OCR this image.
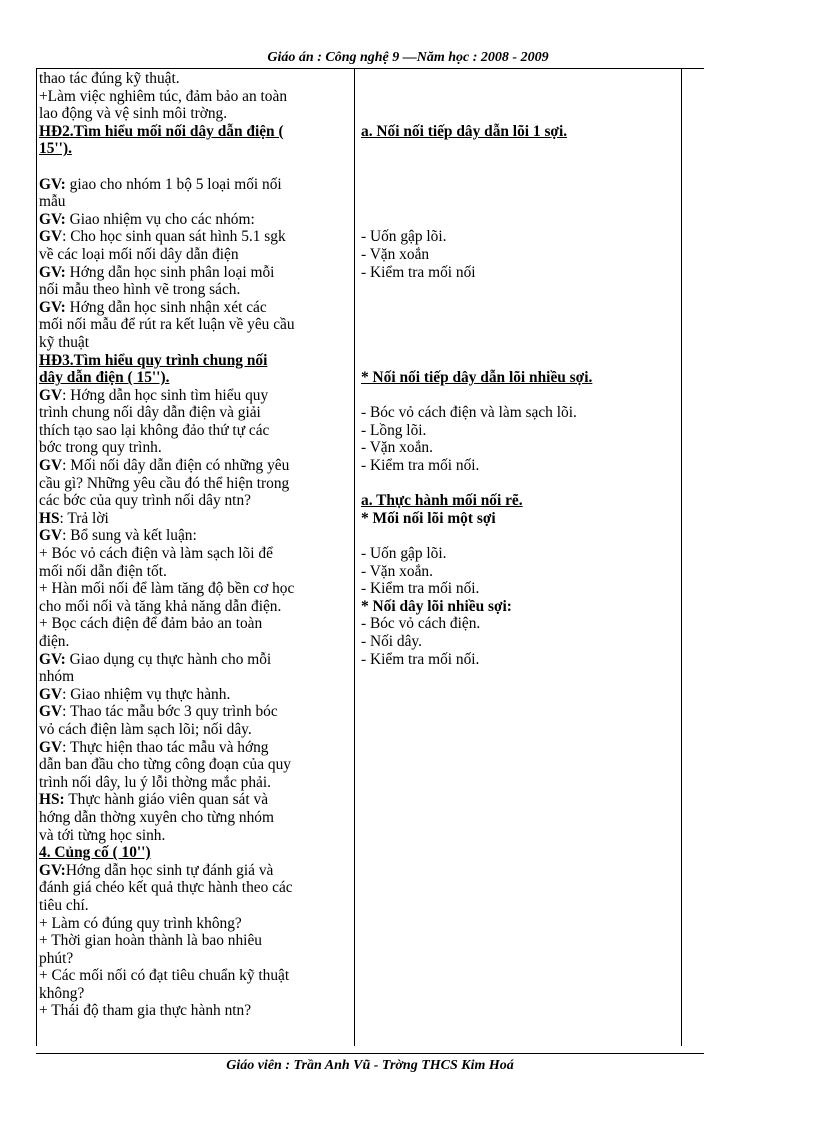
Giáo án : Công nghệ 9 —Năm học : 2008 - 2009
thao tác đúng kỹ thuật.
+Làm việc nghiêm túc, đảm bảo an toàn
lao động và vệ sinh môi trờng.
HĐ2.Tìm hiểu mối nối dây dẫn điện (
15'').
GV: giao cho nhóm 1 bộ 5 loại mối nối
mẫu
GV: Giao nhiệm vụ cho các nhóm:
GV: Cho học sinh quan sát hình 5.1 sgk
về các loại mối nối dây dẫn điện
GV: Hớng dẫn học sinh phân loại mỗi
nối mẫu theo hình vẽ trong sách.
GV: Hớng dẫn học sinh nhận xét các
mối nối mẫu để rút ra kết luận về yêu cầu
kỹ thuật
HĐ3.Tìm hiểu quy trình chung nối
dây dẫn điện ( 15'').
GV: Hớng dẫn học sinh tìm hiểu quy
trình chung nối dây dẫn điện và giải
thích tạo sao lại không đảo thứ tự các
bớc trong quy trình.
GV: Mối nối dây dẫn điện có những yêu
cầu gì? Những yêu cầu đó thể hiện trong
các bớc của quy trình nối dây ntn?
HS: Trả lời
GV: Bổ sung và kết luận:
+ Bóc vỏ cách điện và làm sạch lõi để
mối nối dẫn điện tốt.
+ Hàn mối nối để làm tăng độ bền cơ học
cho mối nối và tăng khả năng dẫn điện.
+ Bọc cách điện để đảm bảo an toàn
điện.
GV: Giao dụng cụ thực hành cho mỗi
nhóm
GV: Giao nhiệm vụ thực hành.
GV: Thao tác mẫu bớc 3 quy trình bóc
vỏ cách điện làm sạch lõi; nối dây.
GV: Thực hiện thao tác mẫu và hớng
dẫn ban đầu cho từng công đoạn của quy
trình nối dây, lu ý lỗi thờng mắc phải.
HS: Thực hành giáo viên quan sát và
hớng dẫn thờng xuyên cho từng nhóm
và tới từng học sinh.
4. Củng cố ( 10'')
GV:Hớng dẫn học sinh tự đánh giá và
đánh giá chéo kết quả thực hành theo các
tiêu chí.
+ Làm có đúng quy trình không?
+ Thời gian hoàn thành là bao nhiêu
phút?
+ Các mối nối có đạt tiêu chuẩn kỹ thuật
không?
+ Thái độ tham gia thực hành ntn?
a. Nối nối tiếp dây dẫn lõi 1 sợi.
- Uốn gập lõi.
- Vặn xoắn
- Kiểm tra mối nối
* Nối nối tiếp dây dẫn lõi nhiều sợi.
- Bóc vỏ cách điện và làm sạch lõi.
- Lồng lõi.
- Vặn xoắn.
- Kiểm tra mối nối.
a. Thực hành mối nối rẽ.
* Mối nối lõi một sợi
- Uốn gập lõi.
- Vặn xoắn.
- Kiểm tra mối nối.
* Nối dây lõi nhiều sợi:
- Bóc vỏ cách điện.
- Nối dây.
- Kiểm tra mối nối.
Giáo viên : Trần Anh Vũ - Trờng THCS Kim Hoá
